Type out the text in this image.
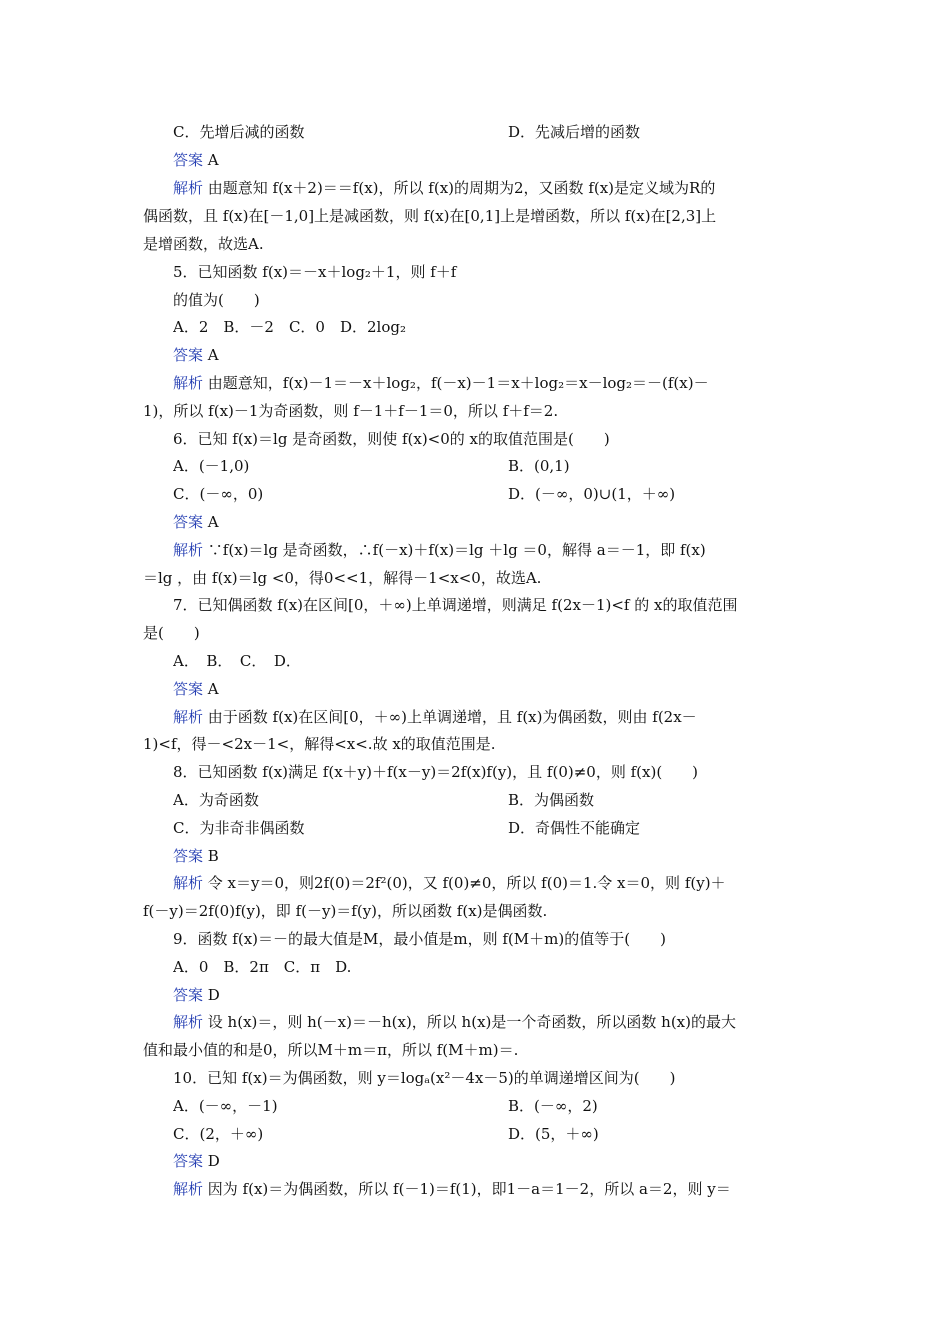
C．先增后减的函数	D．先减后增的函数
答案 A
解析 由题意知 f(x＋2)＝＝f(x)，所以 f(x)的周期为2，又函数 f(x)是定义域为R的
偶函数，且 f(x)在[－1,0]上是减函数，则 f(x)在[0,1]上是增函数，所以 f(x)在[2,3]上
是增函数，故选A.
5．已知函数 f(x)＝－x＋log₂＋1，则 f＋f
的值为(　　)
A．2　B．－2　C．0　D．2log₂
答案 A
解析 由题意知，f(x)－1＝－x＋log₂，f(－x)－1＝x＋log₂＝x－log₂＝－(f(x)－
1)，所以 f(x)－1为奇函数，则 f－1＋f－1＝0，所以 f＋f＝2.
6．已知 f(x)＝lg 是奇函数，则使 f(x)<0的 x的取值范围是(　　)
A．(－1,0)	B．(0,1)
C．(－∞，0)	D．(－∞，0)∪(1，＋∞)
答案 A
解析 ∵f(x)＝lg 是奇函数，∴f(－x)＋f(x)＝lg ＋lg ＝0，解得 a＝－1，即 f(x)
＝lg ，由 f(x)＝lg <0，得0<<1，解得－1<x<0，故选A.
7．已知偶函数 f(x)在区间[0，＋∞)上单调递增，则满足 f(2x－1)<f 的 x的取值范围
是(　　)
A．　B．　C．　D．
答案 A
解析 由于函数 f(x)在区间[0，＋∞)上单调递增，且 f(x)为偶函数，则由 f(2x－
1)<f，得－<2x－1<，解得<x<.故 x的取值范围是.
8．已知函数 f(x)满足 f(x＋y)＋f(x－y)＝2f(x)f(y)，且 f(0)≠0，则 f(x)(　　)
A．为奇函数	B．为偶函数
C．为非奇非偶函数	D．奇偶性不能确定
答案 B
解析 令 x＝y＝0，则2f(0)＝2f²(0)，又 f(0)≠0，所以 f(0)＝1.令 x＝0，则 f(y)＋
f(－y)＝2f(0)f(y)，即 f(－y)＝f(y)，所以函数 f(x)是偶函数.
9．函数 f(x)＝－的最大值是M，最小值是m，则 f(M＋m)的值等于(　　)
A．0　B．2π　C．π　D.
答案 D
解析 设 h(x)＝，则 h(－x)＝－h(x)，所以 h(x)是一个奇函数，所以函数 h(x)的最大
值和最小值的和是0，所以M＋m＝π，所以 f(M＋m)＝.
10．已知 f(x)＝为偶函数，则 y＝logₐ(x²－4x－5)的单调递增区间为(　　)
A．(－∞，－1)	B．(－∞，2)
C．(2，＋∞)	D．(5，＋∞)
答案 D
解析 因为 f(x)＝为偶函数，所以 f(－1)＝f(1)，即1－a＝1－2，所以 a＝2，则 y＝
